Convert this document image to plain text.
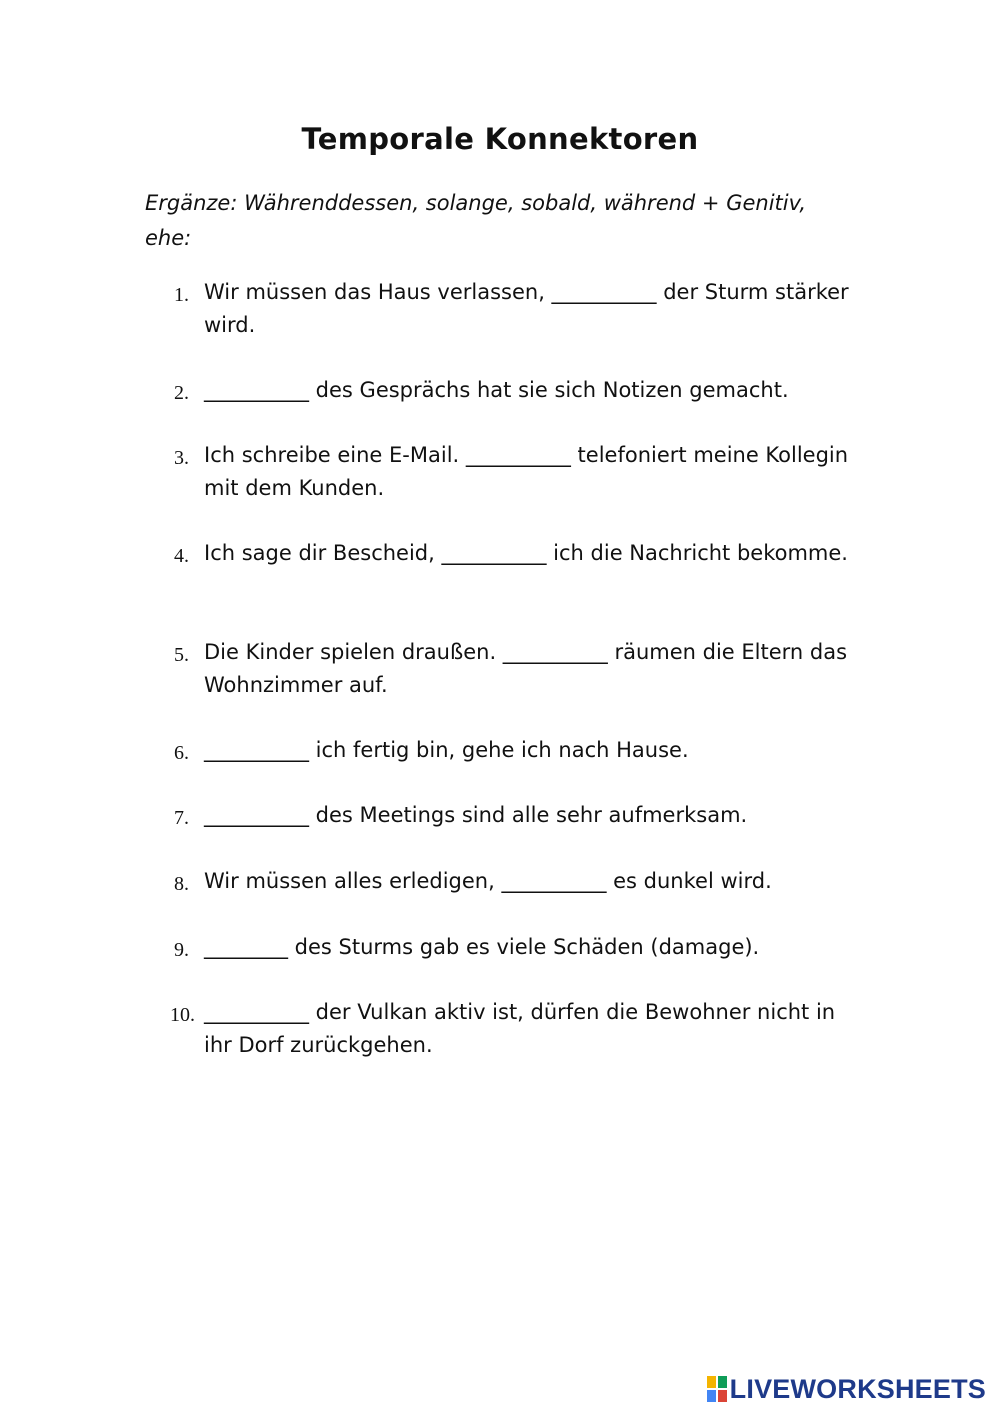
Temporale Konnektoren
Ergänze: Währenddessen, solange, sobald, während + Genitiv, ehe:
1. Wir müssen das Haus verlassen, __________ der Sturm stärker wird.
2. __________ des Gesprächs hat sie sich Notizen gemacht.
3. Ich schreibe eine E-Mail. __________ telefoniert meine Kollegin mit dem Kunden.
4. Ich sage dir Bescheid, __________ ich die Nachricht bekomme.
5. Die Kinder spielen draußen. __________ räumen die Eltern das Wohnzimmer auf.
6. __________ ich fertig bin, gehe ich nach Hause.
7. __________ des Meetings sind alle sehr aufmerksam.
8. Wir müssen alles erledigen, __________ es dunkel wird.
9. ________ des Sturms gab es viele Schäden (damage).
10. __________ der Vulkan aktiv ist, dürfen die Bewohner nicht in ihr Dorf zurückgehen.
LIVEWORKSHEETS
